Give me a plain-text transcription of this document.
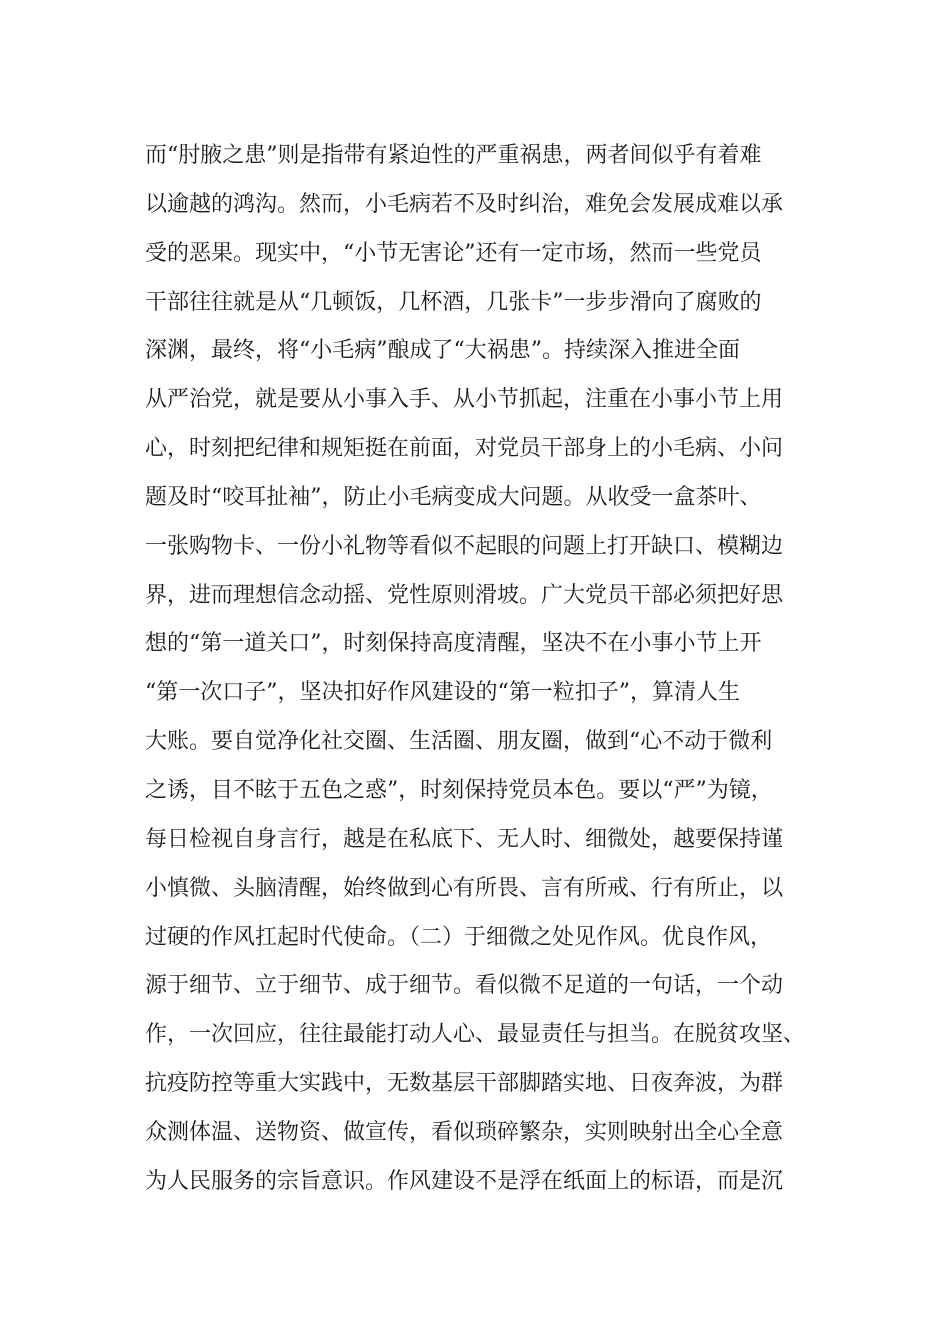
而“肘腋之患”则是指带有紧迫性的严重祸患，两者间似乎有着难
以逾越的鸿沟。然而，小毛病若不及时纠治，难免会发展成难以承
受的恶果。现实中，“小节无害论”还有一定市场，然而一些党员
干部往往就是从“几顿饭，几杯酒，几张卡”一步步滑向了腐败的
深渊，最终，将“小毛病”酿成了“大祸患”。持续深入推进全面
从严治党，就是要从小事入手、从小节抓起，注重在小事小节上用
心，时刻把纪律和规矩挺在前面，对党员干部身上的小毛病、小问
题及时“咬耳扯袖”，防止小毛病变成大问题。从收受一盒茶叶、
一张购物卡、一份小礼物等看似不起眼的问题上打开缺口、模糊边
界，进而理想信念动摇、党性原则滑坡。广大党员干部必须把好思
想的“第一道关口”，时刻保持高度清醒，坚决不在小事小节上开
“第一次口子”，坚决扣好作风建设的“第一粒扣子”，算清人生
大账。要自觉净化社交圈、生活圈、朋友圈，做到“心不动于微利
之诱，目不眩于五色之惑”，时刻保持党员本色。要以“严”为镜，
每日检视自身言行，越是在私底下、无人时、细微处，越要保持谨
小慎微、头脑清醒，始终做到心有所畏、言有所戒、行有所止，以
过硬的作风扛起时代使命。（二）于细微之处见作风。优良作风，
源于细节、立于细节、成于细节。看似微不足道的一句话，一个动
作，一次回应，往往最能打动人心、最显责任与担当。在脱贫攻坚、
抗疫防控等重大实践中，无数基层干部脚踏实地、日夜奔波，为群
众测体温、送物资、做宣传，看似琐碎繁杂，实则映射出全心全意
为人民服务的宗旨意识。作风建设不是浮在纸面上的标语，而是沉
